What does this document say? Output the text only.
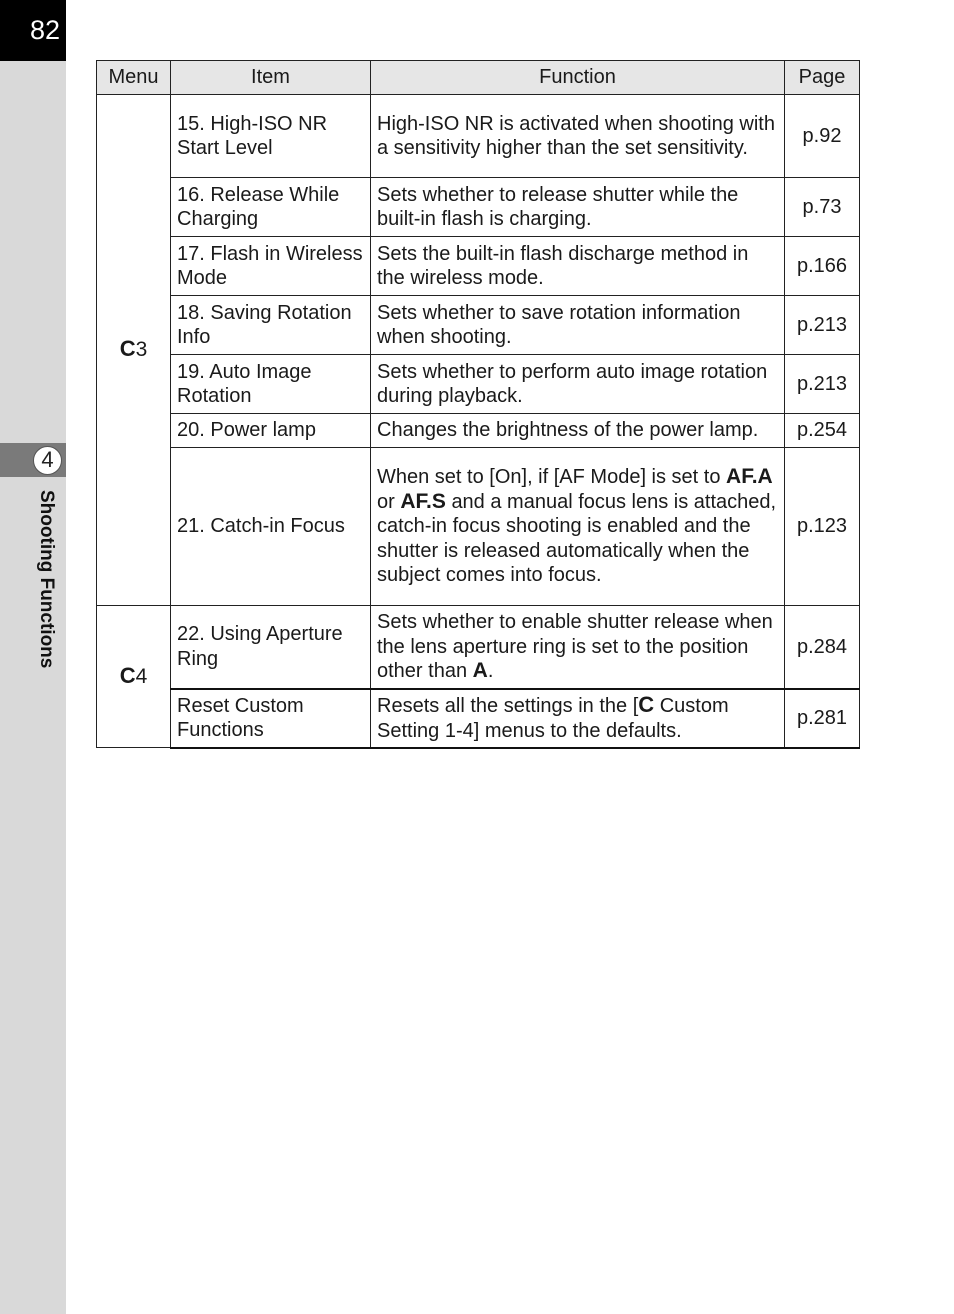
82
4
Shooting Functions
Menu	Item	Function	Page
C3	15. High-ISO NR Start Level	High-ISO NR is activated when shooting with a sensitivity higher than the set sensitivity.	p.92
	16. Release While Charging	Sets whether to release shutter while the built-in flash is charging.	p.73
	17. Flash in Wireless Mode	Sets the built-in flash discharge method in the wireless mode.	p.166
	18. Saving Rotation Info	Sets whether to save rotation information when shooting.	p.213
	19. Auto Image Rotation	Sets whether to perform auto image rotation during playback.	p.213
	20. Power lamp	Changes the brightness of the power lamp.	p.254
	21. Catch-in Focus	When set to [On], if [AF Mode] is set to AF.A or AF.S and a manual focus lens is attached, catch-in focus shooting is enabled and the shutter is released automatically when the subject comes into focus.	p.123
C4	22. Using Aperture Ring	Sets whether to enable shutter release when the lens aperture ring is set to the position other than A.	p.284
	Reset Custom Functions	Resets all the settings in the [C Custom Setting 1-4] menus to the defaults.	p.281
